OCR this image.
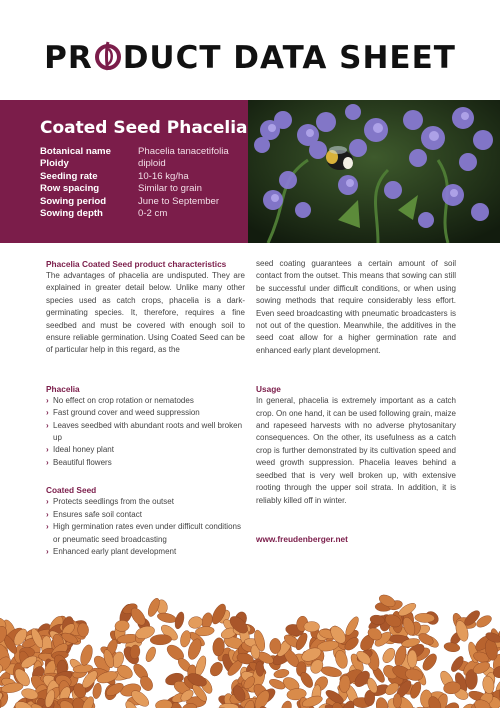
PR DUCT DATA SHEET
Coated Seed Phacelia
Botanical name	Phacelia tanacetifolia
Ploidy	diploid
Seeding rate	10-16 kg/ha
Row spacing	Similar to grain
Sowing period	June to September
Sowing depth	0-2 cm
Phacelia Coated Seed product characteristics

The advantages of phacelia are undisputed. They are explained in greater detail below. Unlike many other species used as catch crops, phacelia is a dark-germinating species. It, therefore, requires a fine seedbed and must be covered with enough soil to ensure reliable germination. Using Coated Seed can be of particular help in this regard, as the

Phacelia
› No effect on crop rotation or nematodes
› Fast ground cover and weed suppression
› Leaves seedbed with abundant roots and well broken up
› Ideal honey plant
› Beautiful flowers
Coated Seed
› Protects seedlings from the outset
› Ensures safe soil contact
› High germination rates even under difficult conditions or pneumatic seed broadcasting
› Enhanced early plant development

seed coating guarantees a certain amount of soil contact from the outset. This means that sowing can still be successful under difficult conditions, or when using sowing methods that require considerably less effort. Even seed broadcasting with pneumatic broadcasters is not out of the question. Meanwhile, the additives in the seed coat allow for a higher germination rate and enhanced early plant development.

Usage

In general, phacelia is extremely important as a catch crop. On one hand, it can be used following grain, maize and rapeseed harvests with no adverse phytosanitary consequences. On the other, its usefulness as a catch crop is further demonstrated by its cultivation speed and weed growth suppression. Phacelia leaves behind a seedbed that is very well broken up, with extensive rooting through the upper soil strata. In addition, it is reliably killed off in winter.

www.freudenberger.net
